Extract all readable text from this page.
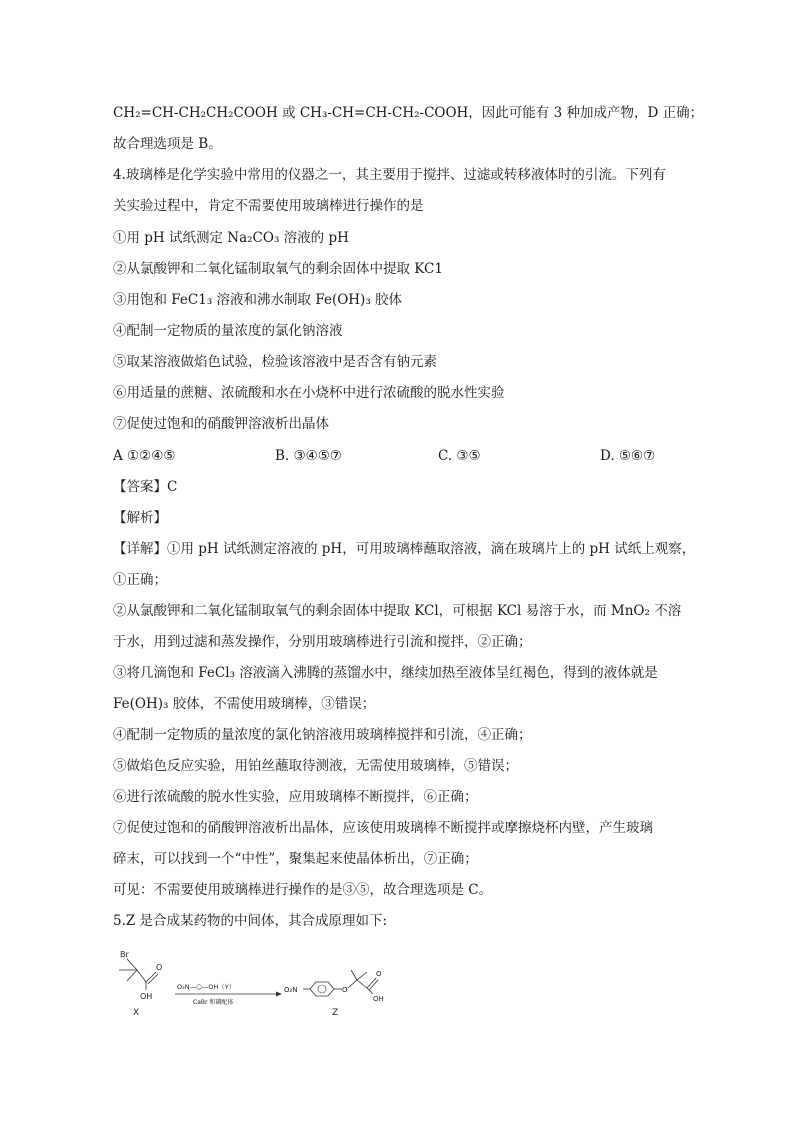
CH₂=CH-CH₂CH₂COOH 或 CH₃-CH=CH-CH₂-COOH，因此可能有 3 种加成产物，D 正确；
故合理选项是 B。
4.玻璃棒是化学实验中常用的仪器之一，其主要用于搅拌、过滤或转移液体时的引流。下列有
关实验过程中，肯定不需要使用玻璃棒进行操作的是
①用 pH 试纸测定 Na₂CO₃ 溶液的 pH
②从氯酸钾和二氧化锰制取氧气的剩余固体中提取 KC1
③用饱和 FeC1₃ 溶液和沸水制取 Fe(OH)₃ 胶体
④配制一定物质的量浓度的氯化钠溶液
⑤取某溶液做焰色试验，检验该溶液中是否含有钠元素
⑥用适量的蔗糖、浓硫酸和水在小烧杯中进行浓硫酸的脱水性实验
⑦促使过饱和的硝酸钾溶液析出晶体
A ①②④⑤	B. ③④⑤⑦	C. ③⑤	D. ⑤⑥⑦
【答案】C
【解析】
【详解】①用 pH 试纸测定溶液的 pH，可用玻璃棒蘸取溶液，滴在玻璃片上的 pH 试纸上观察，
①正确；
②从氯酸钾和二氧化锰制取氧气的剩余固体中提取 KCl，可根据 KCl 易溶于水，而 MnO₂ 不溶
于水，用到过滤和蒸发操作，分别用玻璃棒进行引流和搅拌，②正确；
③将几滴饱和 FeCl₃ 溶液滴入沸腾的蒸馏水中，继续加热至液体呈红褐色，得到的液体就是
Fe(OH)₃ 胶体，不需使用玻璃棒，③错误；
④配制一定物质的量浓度的氯化钠溶液用玻璃棒搅拌和引流，④正确；
⑤做焰色反应实验，用铂丝蘸取待测液，无需使用玻璃棒，⑤错误；
⑥进行浓硫酸的脱水性实验，应用玻璃棒不断搅拌，⑥正确；
⑦促使过饱和的硝酸钾溶液析出晶体，应该使用玻璃棒不断搅拌或摩擦烧杯内壁，产生玻璃
碎末，可以找到一个“中性”，聚集起来使晶体析出，⑦正确；
可见：不需要使用玻璃棒进行操作的是③⑤，故合理选项是 C。
5.Z 是合成某药物的中间体，其合成原理如下:
Br
O
OH
X
O₂N—⬡—OH（Y）
CaBr 和磷配体
O₂N	O
O
OH
Z
